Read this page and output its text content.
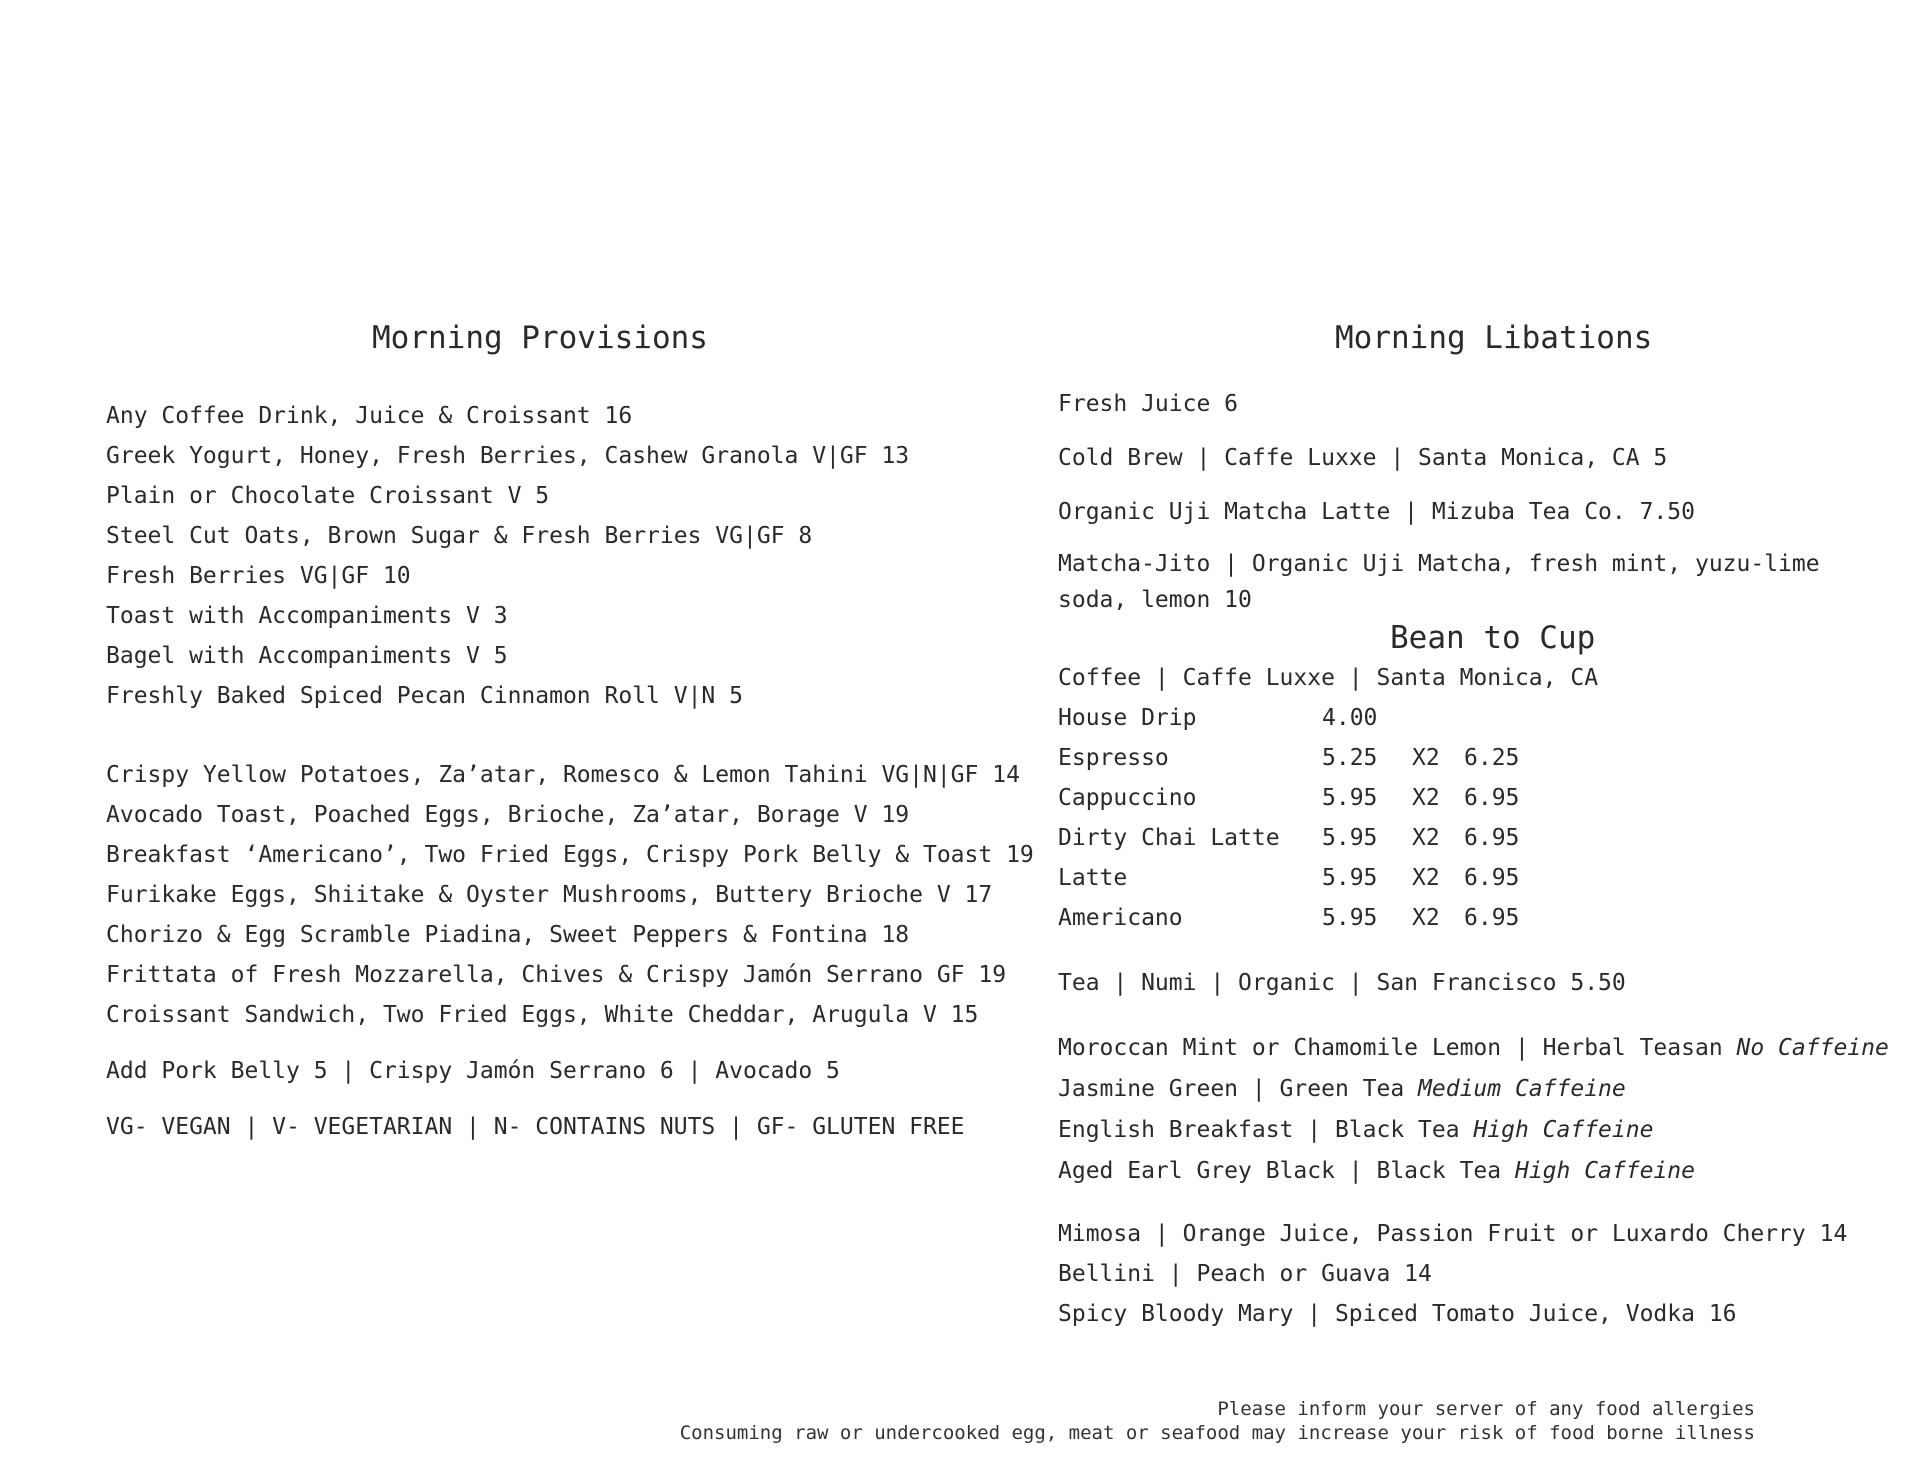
Morning Provisions
Any Coffee Drink, Juice & Croissant 16
Greek Yogurt, Honey, Fresh Berries, Cashew Granola V|GF 13
Plain or Chocolate Croissant V 5
Steel Cut Oats, Brown Sugar & Fresh Berries VG|GF 8
Fresh Berries VG|GF 10
Toast with Accompaniments V 3
Bagel with Accompaniments V 5
Freshly Baked Spiced Pecan Cinnamon Roll V|N 5
Crispy Yellow Potatoes, Za’atar, Romesco & Lemon Tahini VG|N|GF 14
Avocado Toast, Poached Eggs, Brioche, Za’atar, Borage V 19
Breakfast ‘Americano’, Two Fried Eggs, Crispy Pork Belly & Toast 19
Furikake Eggs, Shiitake & Oyster Mushrooms, Buttery Brioche V 17
Chorizo & Egg Scramble Piadina, Sweet Peppers & Fontina 18
Frittata of Fresh Mozzarella, Chives & Crispy Jamón Serrano GF 19
Croissant Sandwich, Two Fried Eggs, White Cheddar, Arugula V 15
Add Pork Belly 5 | Crispy Jamón Serrano 6 | Avocado 5
VG- VEGAN | V- VEGETARIAN | N- CONTAINS NUTS | GF- GLUTEN FREE
Morning Libations
Fresh Juice 6
Cold Brew | Caffe Luxxe | Santa Monica, CA 5
Organic Uji Matcha Latte | Mizuba Tea Co. 7.50
Matcha-Jito | Organic Uji Matcha, fresh mint, yuzu-lime soda, lemon 10
Bean to Cup
Coffee | Caffe Luxxe | Santa Monica, CA
House Drip	4.00
Espresso	5.25	X2	6.25
Cappuccino	5.95	X2	6.95
Dirty Chai Latte	5.95	X2	6.95
Latte	5.95	X2	6.95
Americano	5.95	X2	6.95
Tea | Numi | Organic | San Francisco 5.50
Moroccan Mint or Chamomile Lemon | Herbal Teasan No Caffeine
Jasmine Green | Green Tea Medium Caffeine
English Breakfast | Black Tea High Caffeine
Aged Earl Grey Black | Black Tea High Caffeine
Mimosa | Orange Juice, Passion Fruit or Luxardo Cherry 14
Bellini | Peach or Guava 14
Spicy Bloody Mary | Spiced Tomato Juice, Vodka 16
Please inform your server of any food allergies
Consuming raw or undercooked egg, meat or seafood may increase your risk of food borne illness
